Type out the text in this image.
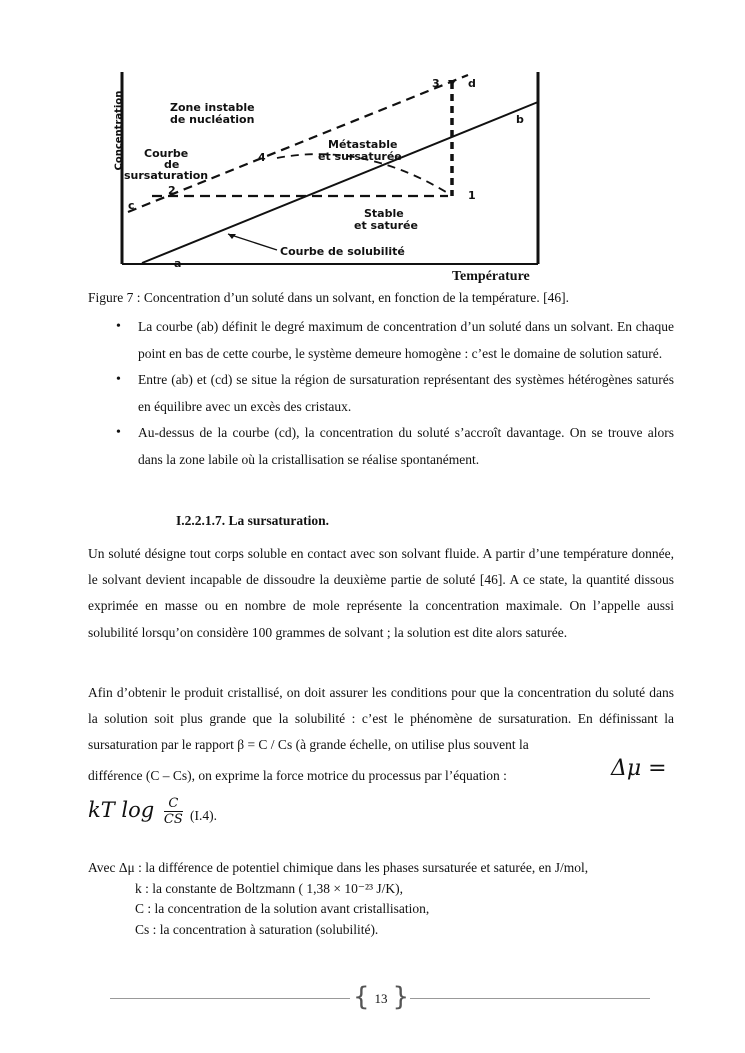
Zone instable
de nucléation
Courbe
de
sursaturation
Métastable
et sursaturée
Stable
et saturée
Courbe de solubilité
a
b
c
d
1
2
3
4
Concentration
Température
Figure 7 : Concentration d’un soluté dans un solvant, en fonction de la température. [46].
• La courbe (ab) définit le degré maximum de concentration d’un soluté dans un solvant. En chaque point en bas de cette courbe, le système demeure homogène : c’est le domaine de solution saturé.
• Entre (ab) et (cd) se situe la région de sursaturation représentant des systèmes hétérogènes saturés en équilibre avec un excès des cristaux.
• Au-dessus de la courbe (cd), la concentration du soluté s’accroît davantage. On se trouve alors dans la zone labile où la cristallisation se réalise spontanément.
I.2.2.1.7. La sursaturation.
Un soluté désigne tout corps soluble en contact avec son solvant fluide. A partir d’une température donnée, le solvant devient incapable de dissoudre la deuxième partie de soluté [46]. A ce state, la quantité dissous exprimée en masse ou en nombre de mole représente la concentration maximale. On l’appelle aussi solubilité lorsqu’on considère 100 grammes de solvant ; la solution est dite alors saturée.
Afin d’obtenir le produit cristallisé, on doit assurer les conditions pour que la concentration du soluté dans la solution soit plus grande que la solubilité : c’est le phénomène de sursaturation. En définissant la sursaturation par le rapport β = C / Cs (à grande échelle, on utilise plus souvent la
différence (C – Cs), on exprime la force motrice du processus par l’équation :	Δμ =
kT $\log \frac{C}{CS} (I.4)$.
Avec Δμ : la différence de potentiel chimique dans les phases sursaturée et saturée, en J/mol,
k : la constante de Boltzmann ( 1,38 × 10⁻²³ J/K),
C : la concentration de la solution avant cristallisation,
Cs : la concentration à saturation (solubilité).
{ 13 }
